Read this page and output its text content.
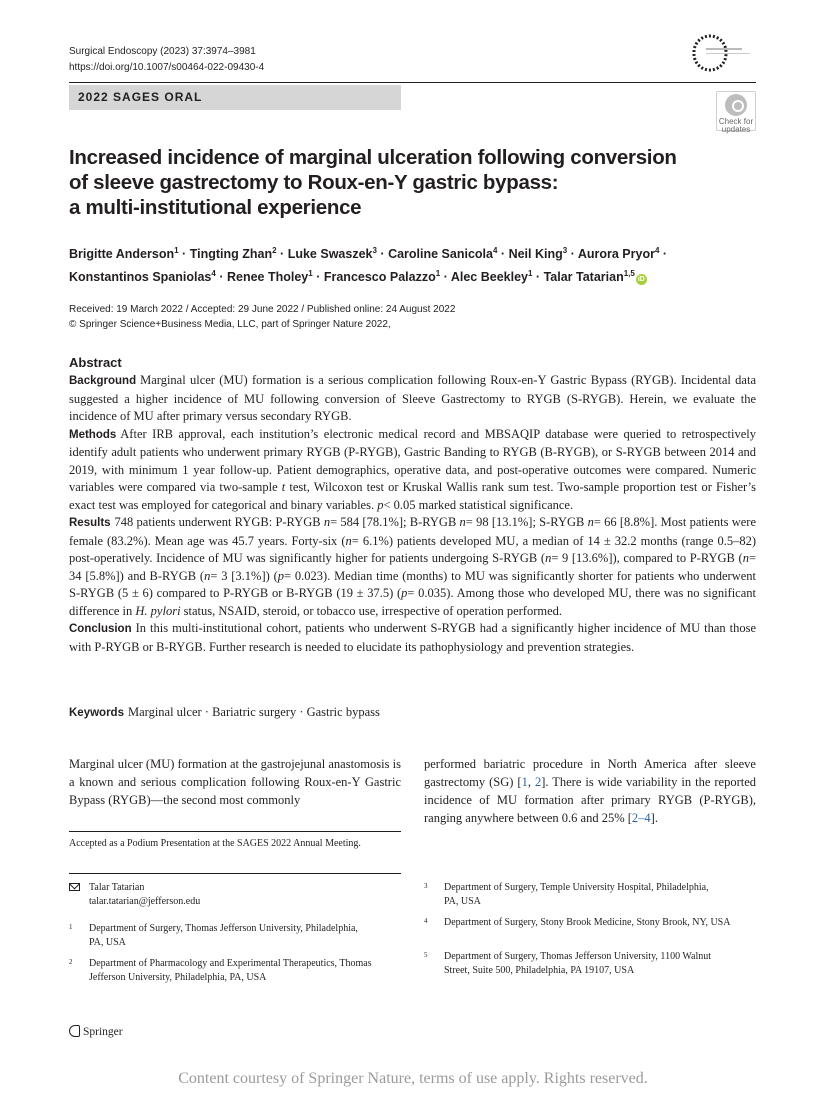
Surgical Endoscopy (2023) 37:3974–3981
https://doi.org/10.1007/s00464-022-09430-4
2022 SAGES ORAL
Check for
updates
Increased incidence of marginal ulceration following conversion
of sleeve gastrectomy to Roux-en-Y gastric bypass:
a multi-institutional experience
Brigitte Anderson$^1$ · Tingting Zhan$^2$ · Luke Swaszek$^3$ · Caroline Sanicola$^4$ · Neil King$^3$ · Aurora Pryor$^4$ ·
Konstantinos Spaniolas$^4$ · Renee Tholey$^1$ · Francesco Palazzo$^1$ · Alec Beekley$^1$ · Talar Tatarian$^{1,5}$iD
Received: 19 March 2022 / Accepted: 29 June 2022 / Published online: 24 August 2022
© Springer Science+Business Media, LLC, part of Springer Nature 2022,
Abstract

Background Marginal ulcer (MU) formation is a serious complication following Roux-en-Y Gastric Bypass (RYGB). Incidental data suggested a higher incidence of MU following conversion of Sleeve Gastrectomy to RYGB (S-RYGB). Herein, we evaluate the incidence of MU after primary versus secondary RYGB.

Methods After IRB approval, each institution’s electronic medical record and MBSAQIP database were queried to retrospectively identify adult patients who underwent primary RYGB (P-RYGB), Gastric Banding to RYGB (B-RYGB), or S-RYGB between 2014 and 2019, with minimum 1 year follow-up. Patient demographics, operative data, and post-operative outcomes were compared. Numeric variables were compared via two-sample t test, Wilcoxon test or Kruskal Wallis rank sum test. Two-sample proportion test or Fisher’s exact test was employed for categorical and binary variables. p< 0.05 marked statistical significance.

Results 748 patients underwent RYGB: P-RYGB n= 584 [78.1%]; B-RYGB n= 98 [13.1%]; S-RYGB n= 66 [8.8%]. Most patients were female (83.2%). Mean age was 45.7 years. Forty-six (n= 6.1%) patients developed MU, a median of 14 ± 32.2 months (range 0.5–82) post-operatively. Incidence of MU was significantly higher for patients undergoing S-RYGB (n= 9 [13.6%]), compared to P-RYGB (n= 34 [5.8%]) and B-RYGB (n= 3 [3.1%]) (p= 0.023). Median time (months) to MU was significantly shorter for patients who underwent S-RYGB (5 ± 6) compared to P-RYGB or B-RYGB (19 ± 37.5) (p= 0.035). Among those who developed MU, there was no significant difference in H. pylori status, NSAID, steroid, or tobacco use, irrespective of operation performed.

Conclusion In this multi-institutional cohort, patients who underwent S-RYGB had a significantly higher incidence of MU than those with P-RYGB or B-RYGB. Further research is needed to elucidate its pathophysiology and prevention strategies.

Keywords Marginal ulcer · Bariatric surgery · Gastric bypass
Marginal ulcer (MU) formation at the gastrojejunal anastomosis is a known and serious complication following Roux-en-Y Gastric Bypass (RYGB)—the second most commonly
performed bariatric procedure in North America after sleeve gastrectomy (SG) [1, 2]. There is wide variability in the reported incidence of MU formation after primary RYGB (P-RYGB), ranging anywhere between 0.6 and 25% [2–4].
Accepted as a Podium Presentation at the SAGES 2022 Annual Meeting.
Talar Tatarian
talar.tatarian@jefferson.edu
1 Department of Surgery, Thomas Jefferson University, Philadelphia, PA, USA
2 Department of Pharmacology and Experimental Therapeutics, Thomas Jefferson University, Philadelphia, PA, USA
3 Department of Surgery, Temple University Hospital, Philadelphia, PA, USA
4 Department of Surgery, Stony Brook Medicine, Stony Brook, NY, USA
5 Department of Surgery, Thomas Jefferson University, 1100 Walnut Street, Suite 500, Philadelphia, PA 19107, USA
Springer
Content courtesy of Springer Nature, terms of use apply. Rights reserved.
